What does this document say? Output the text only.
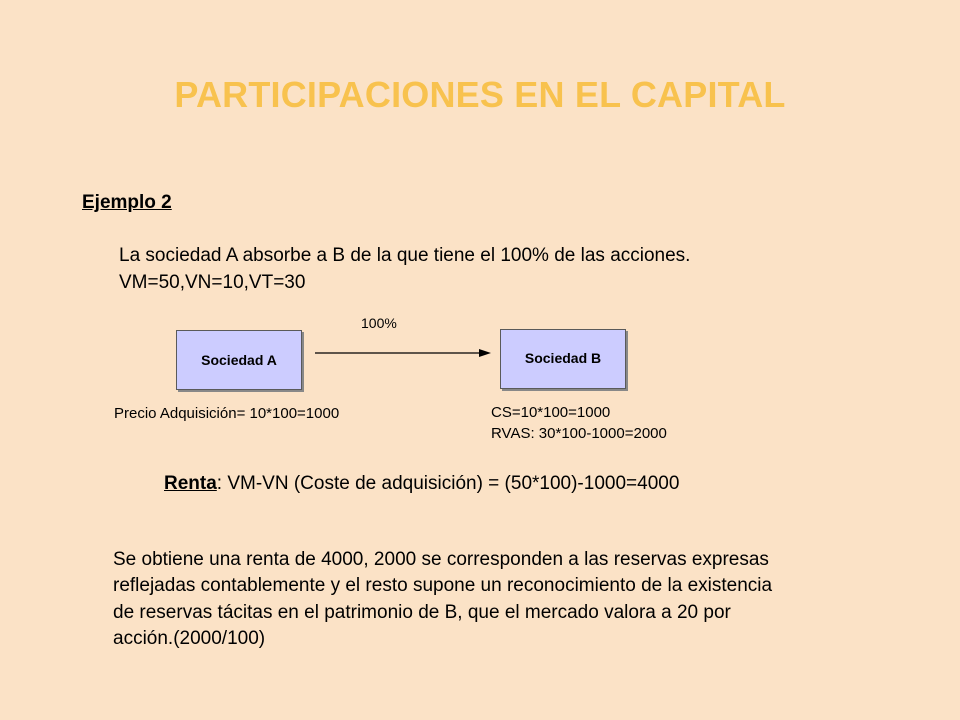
PARTICIPACIONES EN EL CAPITAL
Ejemplo 2
La sociedad A absorbe a B de la que tiene el 100% de las acciones.
VM=50,VN=10,VT=30
100%
Sociedad A	Sociedad B
Precio Adquisición= 10*100=1000	CS=10*100=1000
RVAS: 30*100-1000=2000
Renta: VM-VN (Coste de adquisición) = (50*100)-1000=4000
Se obtiene una renta de 4000, 2000 se corresponden a las reservas expresas
reflejadas contablemente y el resto supone un reconocimiento de la existencia
de reservas tácitas en el patrimonio de B, que el mercado valora a 20 por
acción.(2000/100)
